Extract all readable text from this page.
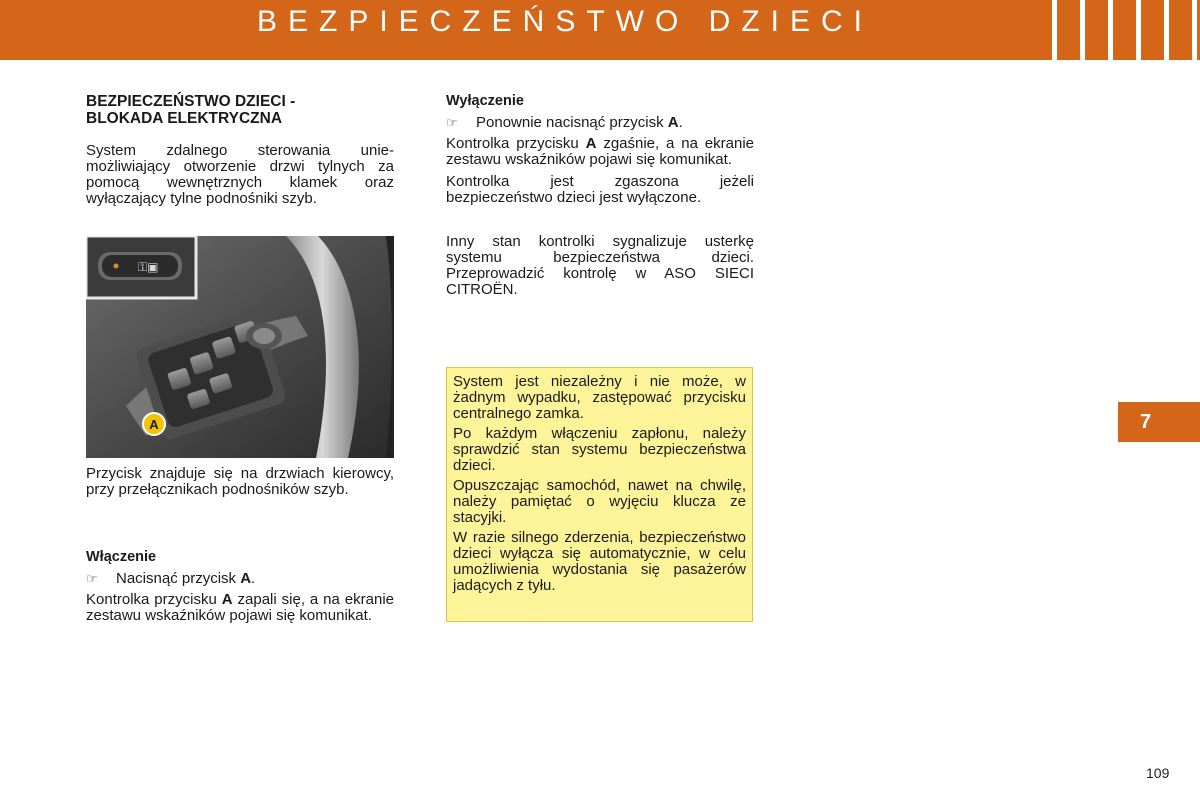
BEZPIECZEŃSTWO DZIECI
7
BEZPIECZEŃSTWO DZIECI -
BLOKADA ELEKTRYCZNA

System zdalnego sterowania unie-możliwiający otworzenie drzwi tylnych za pomocą wewnętrznych klamek oraz wyłączający tylne podnośniki szyb.

⚿▣
A

Przycisk znajduje się na drzwiach kierowcy, przy przełącznikach podnośników szyb.

Włączenie

☞ Nacisnąć przycisk A.

Kontrolka przycisku A zapali się, a na ekranie zestawu wskaźników pojawi się komunikat.

Wyłączenie

☞ Ponownie nacisnąć przycisk A.

Kontrolka przycisku A zgaśnie, a na ekranie zestawu wskaźników pojawi się komunikat.

Kontrolka jest zgaszona jeżeli bezpieczeństwo dzieci jest wyłączone.

Inny stan kontrolki sygnalizuje usterkę systemu bezpieczeństwa dzieci. Przeprowadzić kontrolę w ASO SIECI CITROËN.

System jest niezależny i nie może, w żadnym wypadku, zastępować przycisku centralnego zamka.

Po każdym włączeniu zapłonu, należy sprawdzić stan systemu bezpieczeństwa dzieci.

Opuszczając samochód, nawet na chwilę, należy pamiętać o wyjęciu klucza ze stacyjki.

W razie silnego zderzenia, bezpieczeństwo dzieci wyłącza się automatycznie, w celu umożliwienia wydostania się pasażerów jadących z tyłu.

109
